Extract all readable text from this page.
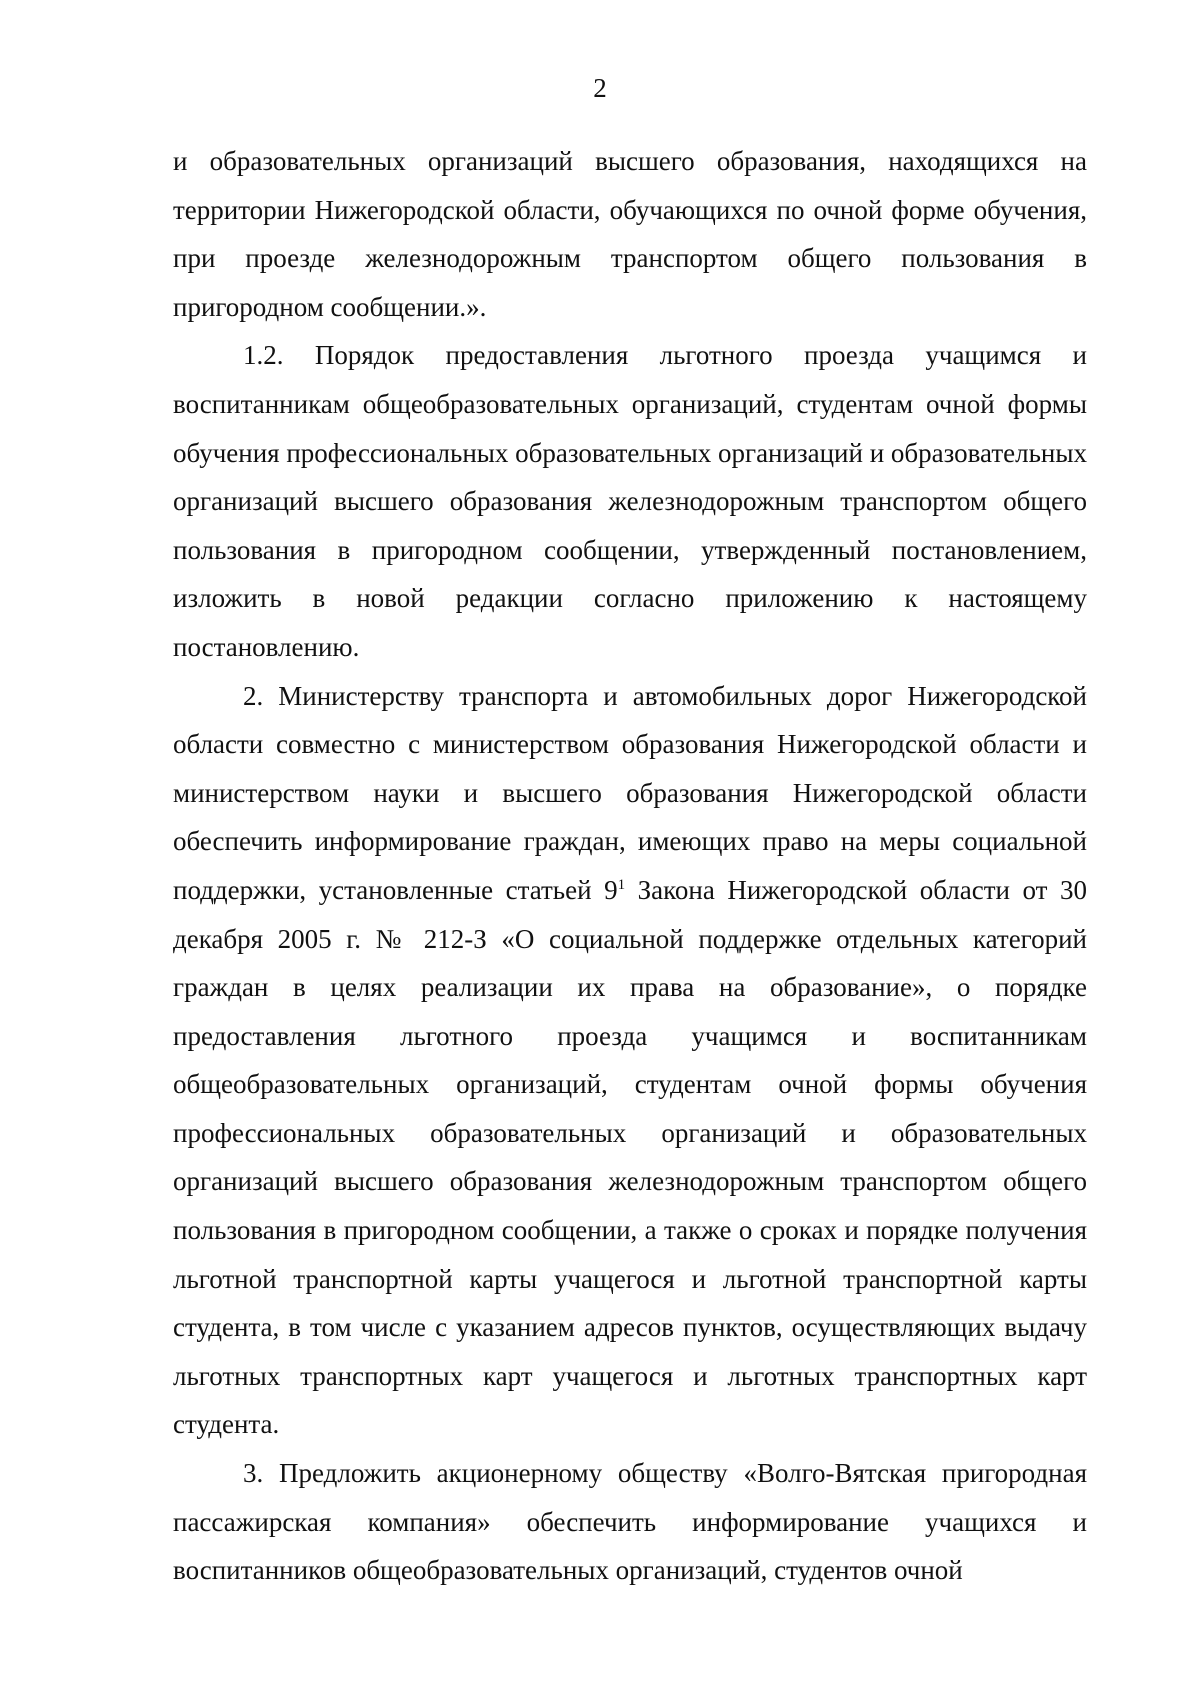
2

и образовательных организаций высшего образования, находящихся на территории Нижегородской области, обучающихся по очной форме обучения, при проезде железнодорожным транспортом общего пользования в пригородном сообщении.».

1.2. Порядок предоставления льготного проезда учащимся и воспитанникам общеобразовательных организаций, студентам очной формы обучения профессиональных образовательных организаций и образовательных организаций высшего образования железнодорожным транспортом общего пользования в пригородном сообщении, утвержденный постановлением, изложить в новой редакции согласно приложению к настоящему постановлению.

2. Министерству транспорта и автомобильных дорог Нижегородской области совместно с министерством образования Нижегородской области и министерством науки и высшего образования Нижегородской области обеспечить информирование граждан, имеющих право на меры социальной поддержки, установленные статьей $9^1$ Закона Нижегородской области от 30 декабря 2005 г. № 212-З «О социальной поддержке отдельных категорий граждан в целях реализации их права на образование», о порядке предоставления льготного проезда учащимся и воспитанникам общеобразовательных организаций, студентам очной формы обучения профессиональных образовательных организаций и образовательных организаций высшего образования железнодорожным транспортом общего пользования в пригородном сообщении, а также о сроках и порядке получения льготной транспортной карты учащегося и льготной транспортной карты студента, в том числе с указанием адресов пунктов, осуществляющих выдачу льготных транспортных карт учащегося и льготных транспортных карт студента.

3. Предложить акционерному обществу «Волго-Вятская пригородная пассажирская компания» обеспечить информирование учащихся и воспитанников общеобразовательных организаций, студентов очной
